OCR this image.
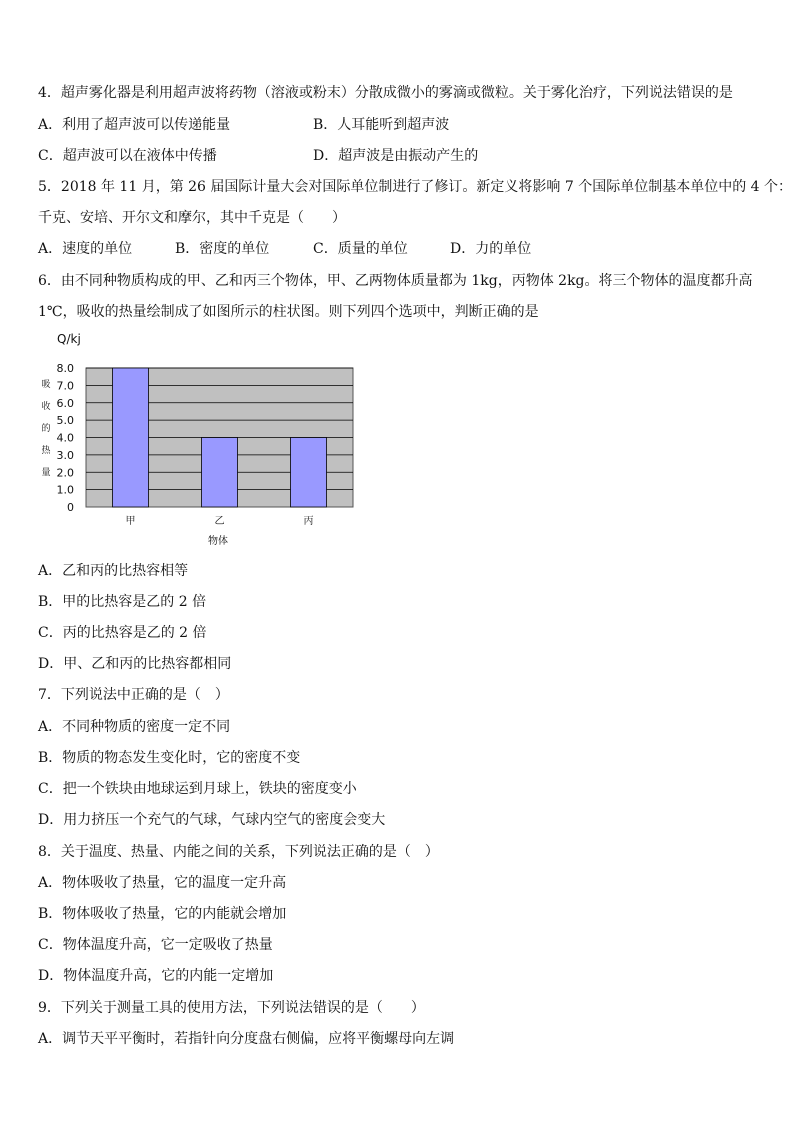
4．超声雾化器是利用超声波将药物（溶液或粉末）分散成微小的雾滴或微粒。关于雾化治疗，下列说法错误的是
A．利用了超声波可以传递能量	B．人耳能听到超声波
C．超声波可以在液体中传播	D．超声波是由振动产生的
5．2018 年 11 月，第 26 届国际计量大会对国际单位制进行了修订。新定义将影响 7 个国际单位制基本单位中的 4 个：
千克、安培、开尔文和摩尔，其中千克是（　　）
A．速度的单位	B．密度的单位	C．质量的单位	D．力的单位
6．由不同种物质构成的甲、乙和丙三个物体，甲、乙两物体质量都为 1kg，丙物体 2kg。将三个物体的温度都升高
1℃，吸收的热量绘制成了如图所示的柱状图。则下列四个选项中，判断正确的是
Q/kj
吸
收
的
热
量
0
1.0
2.0
3.0
4.0
5.0
6.0
7.0
8.0
甲	乙	丙
物体
A．乙和丙的比热容相等
B．甲的比热容是乙的 2 倍
C．丙的比热容是乙的 2 倍
D．甲、乙和丙的比热容都相同
7．下列说法中正确的是（　）
A．不同种物质的密度一定不同
B．物质的物态发生变化时，它的密度不变
C．把一个铁块由地球运到月球上，铁块的密度变小
D．用力挤压一个充气的气球，气球内空气的密度会变大
8．关于温度、热量、内能之间的关系，下列说法正确的是（　）
A．物体吸收了热量，它的温度一定升高
B．物体吸收了热量，它的内能就会增加
C．物体温度升高，它一定吸收了热量
D．物体温度升高，它的内能一定增加
9．下列关于测量工具的使用方法，下列说法错误的是（　　）
A．调节天平平衡时，若指针向分度盘右侧偏，应将平衡螺母向左调
